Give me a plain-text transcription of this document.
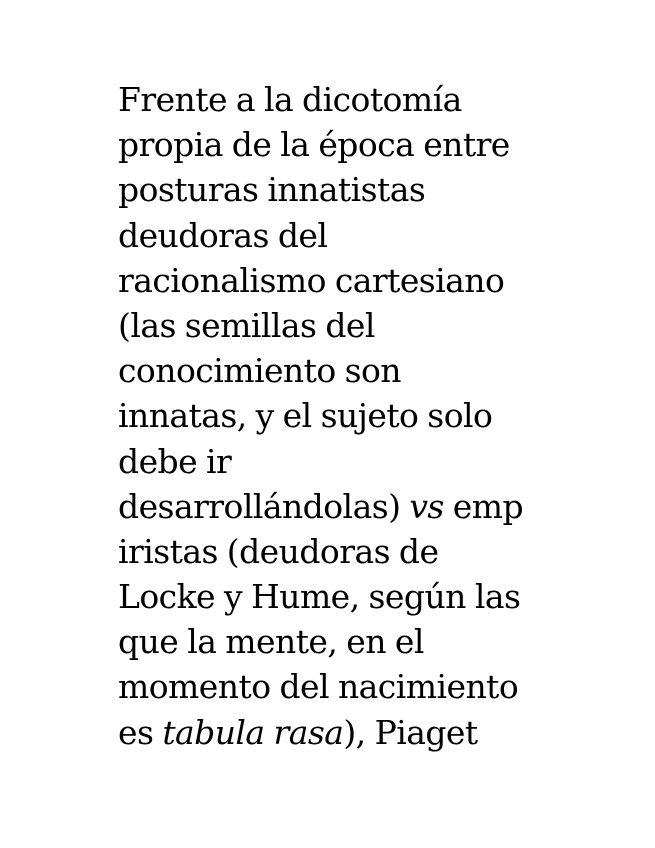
Frente a la dicotomía
propia de la época entre
posturas innatistas
deudoras del
racionalismo cartesiano
(las semillas del
conocimiento son
innatas, y el sujeto solo
debe ir
desarrollándolas) vs emp
iristas (deudoras de
Locke y Hume, según las
que la mente, en el
momento del nacimiento
es tabula rasa), Piaget
